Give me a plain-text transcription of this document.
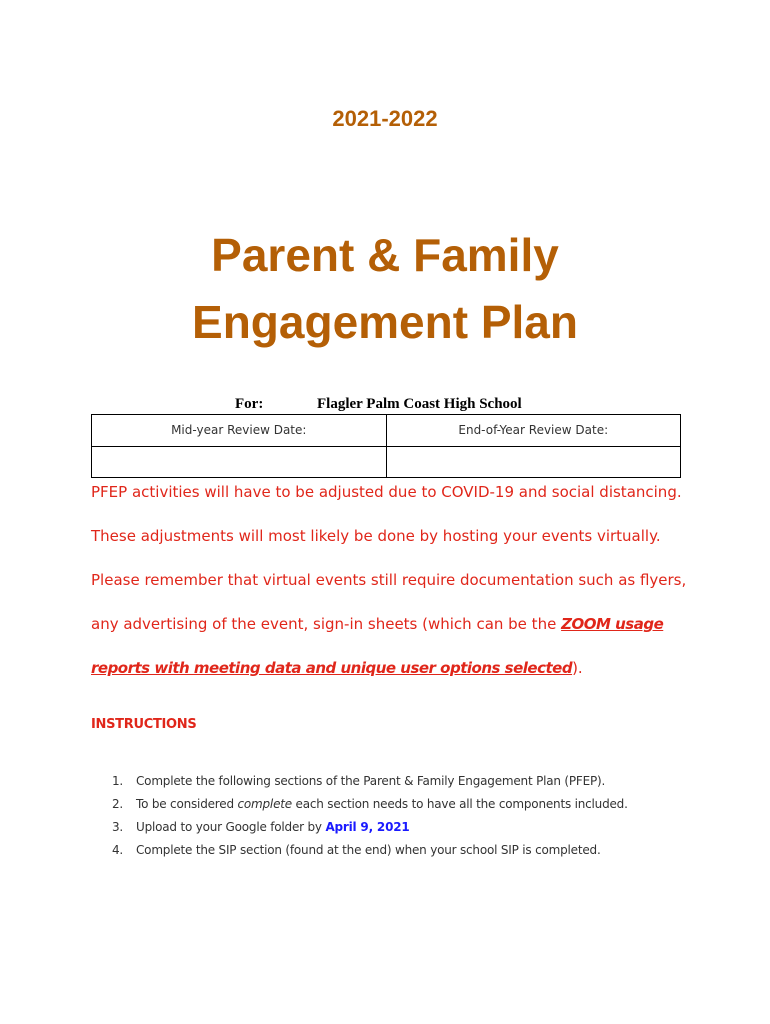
2021-2022
Parent & Family
Engagement Plan
For:	Flagler Palm Coast High School
Mid-year Review Date:	End-of-Year Review Date:

PFEP activities will have to be adjusted due to COVID-19 and social distancing.

These adjustments will most likely be done by hosting your events virtually.

Please remember that virtual events still require documentation such as flyers,

any advertising of the event, sign-in sheets (which can be the ZOOM usage

reports with meeting data and unique user options selected).

INSTRUCTIONS
1.	Complete the following sections of the Parent & Family Engagement Plan (PFEP).
2.	To be considered complete each section needs to have all the components included.
3.	Upload to your Google folder by April 9, 2021
4.	Complete the SIP section (found at the end) when your school SIP is completed.
